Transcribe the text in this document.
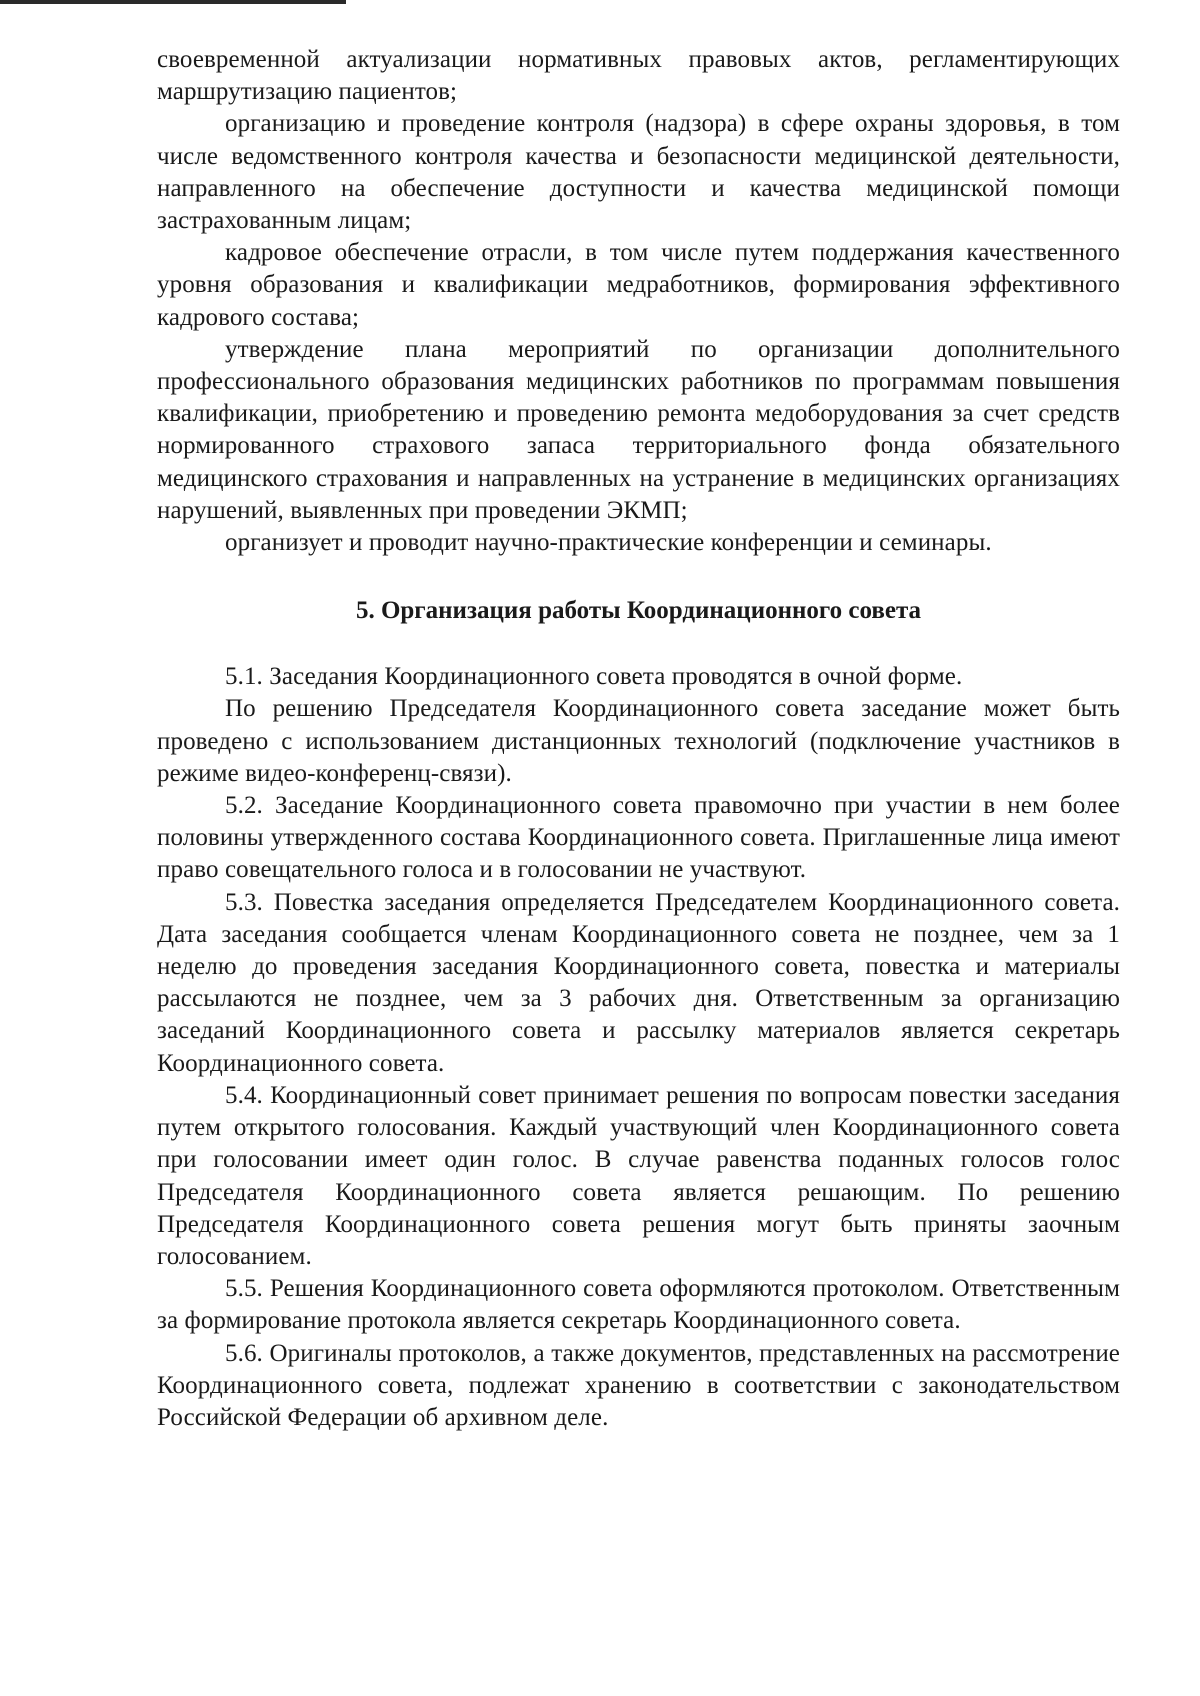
своевременной актуализации нормативных правовых актов, регламентирующих маршрутизацию пациентов;

организацию и проведение контроля (надзора) в сфере охраны здоровья, в том числе ведомственного контроля качества и безопасности медицинской деятельности, направленного на обеспечение доступности и качества медицинской помощи застрахованным лицам;

кадровое обеспечение отрасли, в том числе путем поддержания качественного уровня образования и квалификации медработников, формирования эффективного кадрового состава;

утверждение плана мероприятий по организации дополнительного профессионального образования медицинских работников по программам повышения квалификации, приобретению и проведению ремонта медоборудования за счет средств нормированного страхового запаса территориального фонда обязательного медицинского страхования и направленных на устранение в медицинских организациях нарушений, выявленных при проведении ЭКМП;

организует и проводит научно-практические конференции и семинары.

5. Организация работы Координационного совета

5.1. Заседания Координационного совета проводятся в очной форме.

По решению Председателя Координационного совета заседание может быть проведено с использованием дистанционных технологий (подключение участников в режиме видео-конференц-связи).

5.2. Заседание Координационного совета правомочно при участии в нем более половины утвержденного состава Координационного совета. Приглашенные лица имеют право совещательного голоса и в голосовании не участвуют.

5.3. Повестка заседания определяется Председателем Координационного совета. Дата заседания сообщается членам Координационного совета не позднее, чем за 1 неделю до проведения заседания Координационного совета, повестка и материалы рассылаются не позднее, чем за 3 рабочих дня. Ответственным за организацию заседаний Координационного совета и рассылку материалов является секретарь Координационного совета.

5.4. Координационный совет принимает решения по вопросам повестки заседания путем открытого голосования. Каждый участвующий член Координационного совета при голосовании имеет один голос. В случае равенства поданных голосов голос Председателя Координационного совета является решающим. По решению Председателя Координационного совета решения могут быть приняты заочным голосованием.

5.5. Решения Координационного совета оформляются протоколом. Ответственным за формирование протокола является секретарь Координационного совета.

5.6. Оригиналы протоколов, а также документов, представленных на рассмотрение Координационного совета, подлежат хранению в соответствии с законодательством Российской Федерации об архивном деле.
